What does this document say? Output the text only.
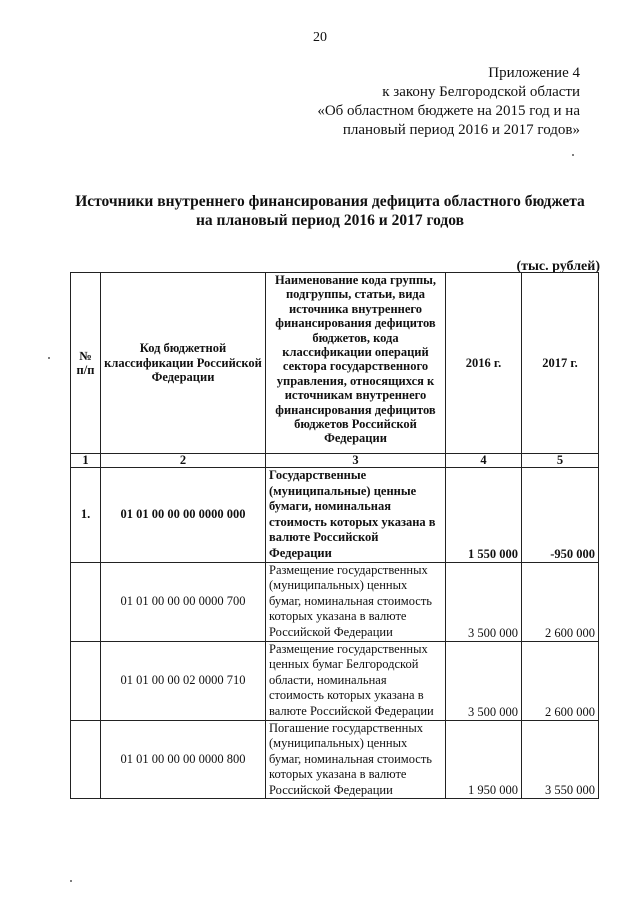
20
Приложение 4
к закону Белгородской области
«Об областном бюджете на 2015 год и на
плановый период 2016 и 2017 годов»
Источники внутреннего финансирования дефицита областного бюджета
на плановый период 2016 и 2017 годов
(тыс. рублей)
№ п/п	Код бюджетной классификации Российской Федерации	Наименование кода группы, подгруппы, статьи, вида источника внутреннего финансирования дефицитов бюджетов, кода классификации операций сектора государственного управления, относящихся к источникам внутреннего финансирования дефицитов бюджетов Российской Федерации	2016 г.	2017 г.
1	2	3	4	5
1.	01 01 00 00 00 0000 000	Государственные (муниципальные) ценные бумаги, номинальная стоимость которых указана в валюте Российской Федерации	1 550 000	-950 000
	01 01 00 00 00 0000 700	Размещение государственных (муниципальных) ценных бумаг, номинальная стоимость которых указана в валюте Российской Федерации	3 500 000	2 600 000
	01 01 00 00 02 0000 710	Размещение государственных ценных бумаг Белгородской области, номинальная стоимость которых указана в валюте Российской Федерации	3 500 000	2 600 000
	01 01 00 00 00 0000 800	Погашение государственных (муниципальных) ценных бумаг, номинальная стоимость которых указана в валюте Российской Федерации	1 950 000	3 550 000
